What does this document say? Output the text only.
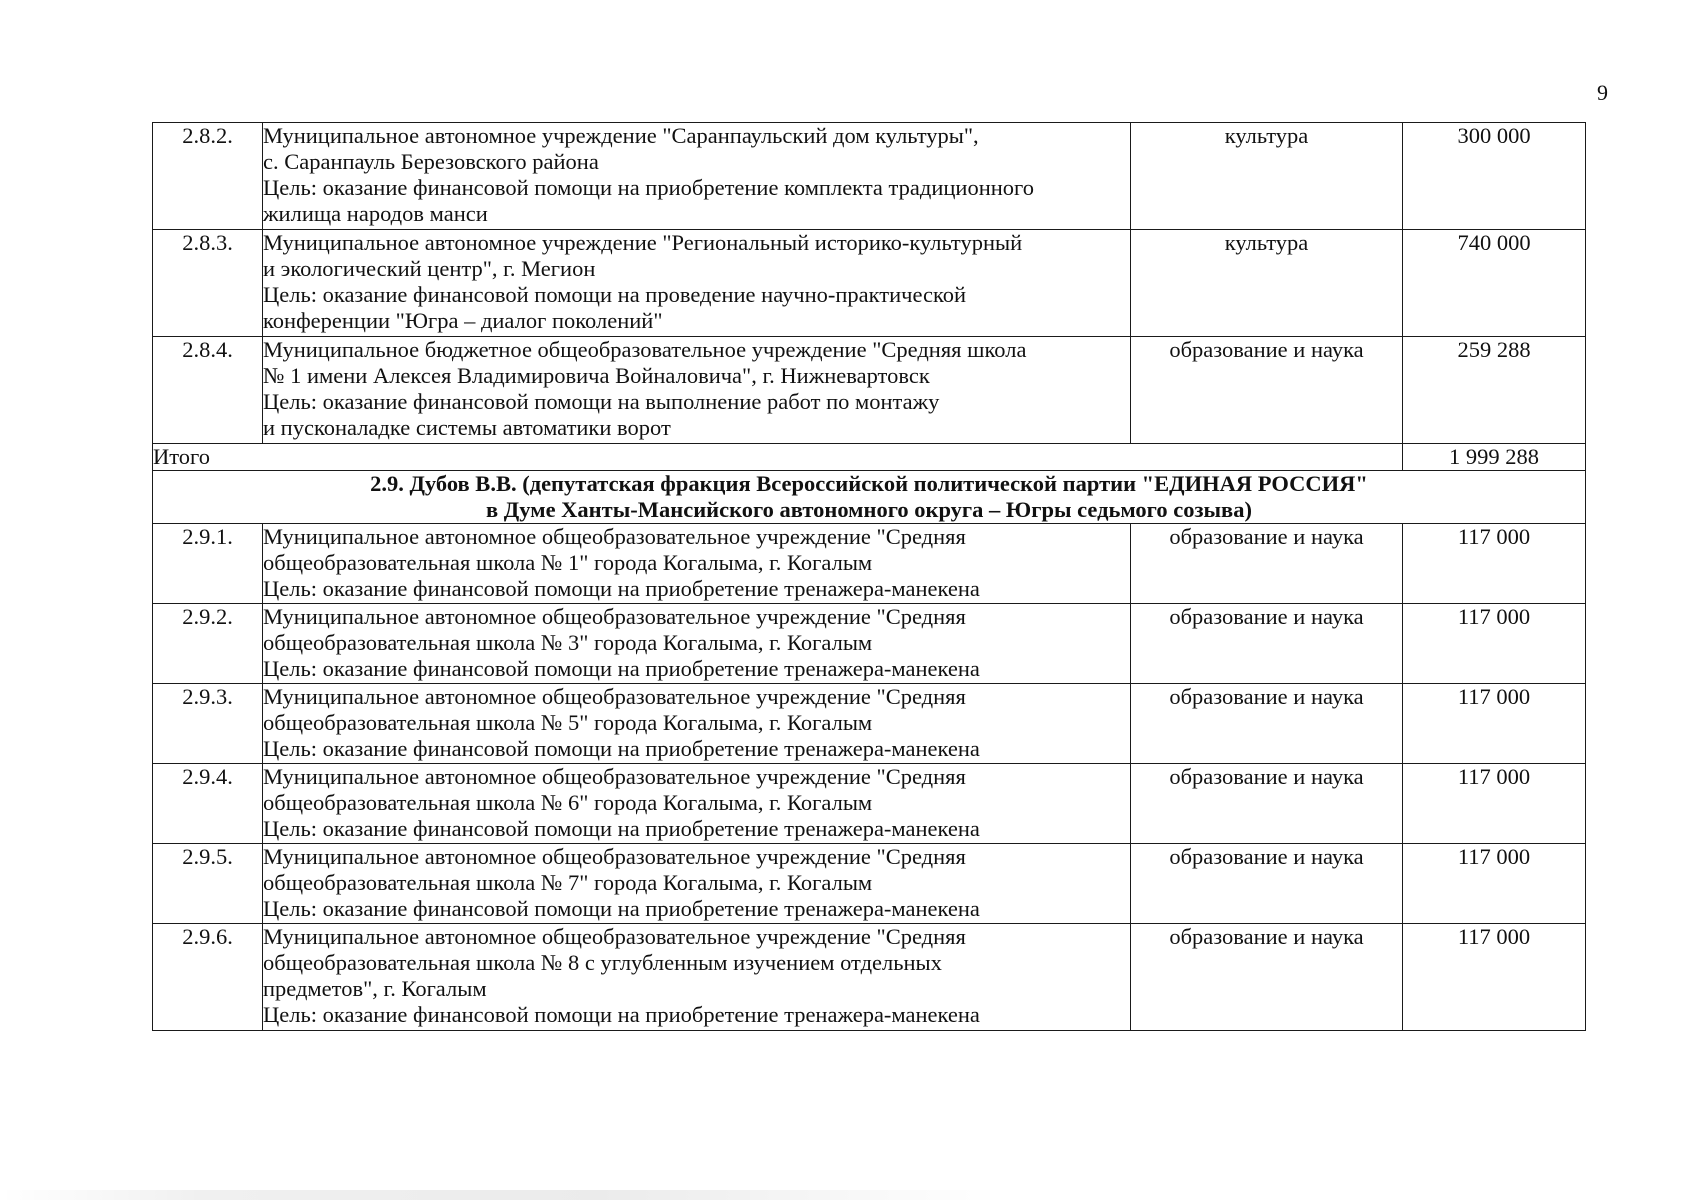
9
2.8.2.	Муниципальное автономное учреждение "Саранпаульский дом культуры",
с. Саранпауль Березовского района
Цель: оказание финансовой помощи на приобретение комплекта традиционного
жилища народов манси	культура	300 000
2.8.3.	Муниципальное автономное учреждение "Региональный историко-культурный
и экологический центр", г. Мегион
Цель: оказание финансовой помощи на проведение научно-практической
конференции "Югра – диалог поколений"	культура	740 000
2.8.4.	Муниципальное бюджетное общеобразовательное учреждение "Средняя школа
№ 1 имени Алексея Владимировича Войналовича", г. Нижневартовск
Цель: оказание финансовой помощи на выполнение работ по монтажу
и пусконаладке системы автоматики ворот	образование и наука	259 288
Итого			1 999 288

2.9. Дубов В.В. (депутатская фракция Всероссийской политической партии "ЕДИНАЯ РОССИЯ"
в Думе Ханты-Мансийского автономного округа – Югры седьмого созыва)			

2.9.1.	Муниципальное автономное общеобразовательное учреждение "Средняя
общеобразовательная школа № 1" города Когалыма, г. Когалым
Цель: оказание финансовой помощи на приобретение тренажера-манекена	образование и наука	117 000
2.9.2.	Муниципальное автономное общеобразовательное учреждение "Средняя
общеобразовательная школа № 3" города Когалыма, г. Когалым
Цель: оказание финансовой помощи на приобретение тренажера-манекена	образование и наука	117 000
2.9.3.	Муниципальное автономное общеобразовательное учреждение "Средняя
общеобразовательная школа № 5" города Когалыма, г. Когалым
Цель: оказание финансовой помощи на приобретение тренажера-манекена	образование и наука	117 000
2.9.4.	Муниципальное автономное общеобразовательное учреждение "Средняя
общеобразовательная школа № 6" города Когалыма, г. Когалым
Цель: оказание финансовой помощи на приобретение тренажера-манекена	образование и наука	117 000
2.9.5.	Муниципальное автономное общеобразовательное учреждение "Средняя
общеобразовательная школа № 7" города Когалыма, г. Когалым
Цель: оказание финансовой помощи на приобретение тренажера-манекена	образование и наука	117 000
2.9.6.	Муниципальное автономное общеобразовательное учреждение "Средняя
общеобразовательная школа № 8 с углубленным изучением отдельных
предметов", г. Когалым
Цель: оказание финансовой помощи на приобретение тренажера-манекена	образование и наука	117 000
